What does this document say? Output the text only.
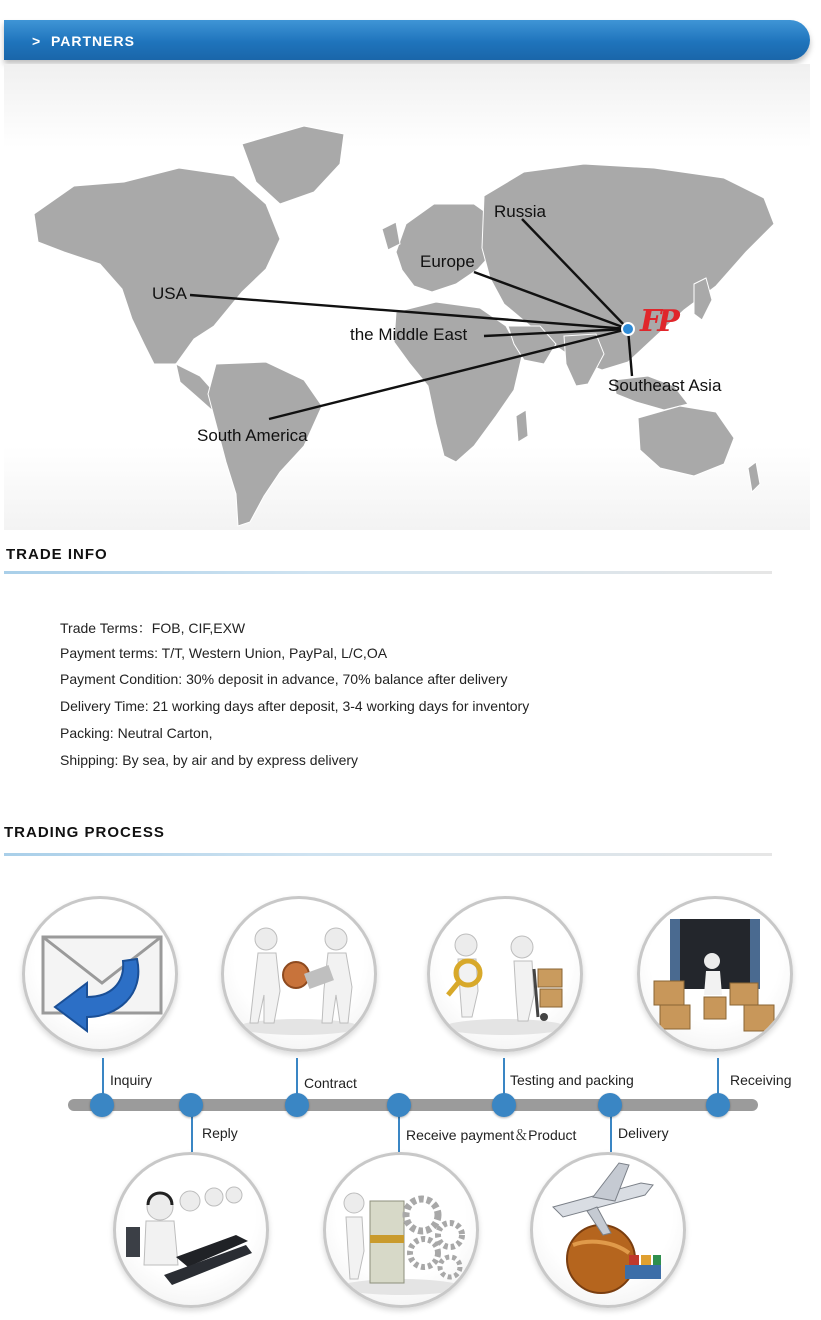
> PARTNERS
Russia
Europe
USA
the Middle East
Southeast Asia
South America
FP
TRADE INFO
Trade Terms：FOB, CIF,EXW
Payment terms: T/T, Western Union, PayPal, L/C,OA
Payment Condition: 30% deposit in advance, 70% balance after delivery
Delivery Time: 21 working days after deposit, 3-4 working days for inventory
Packing: Neutral Carton,
Shipping: By sea, by air and by express delivery
TRADING PROCESS
Inquiry	Contract	Testing and packing	Receiving
Reply	Receive payment＆Product	Delivery
